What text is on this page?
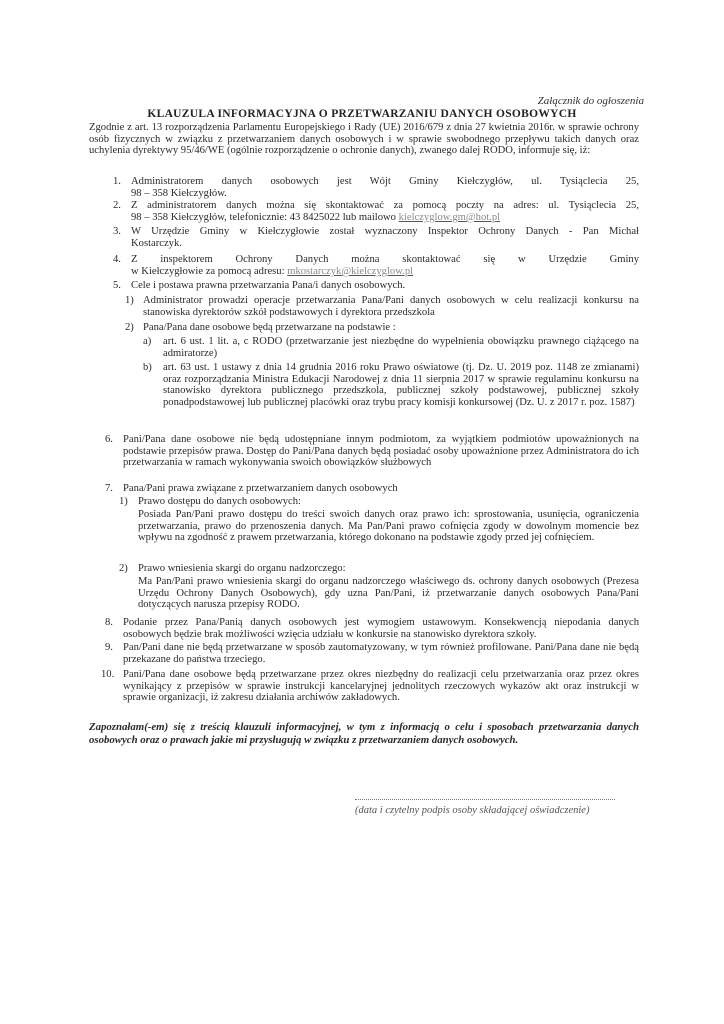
Załącznik do ogłoszenia
KLAUZULA INFORMACYJNA O PRZETWARZANIU DANYCH OSOBOWYCH
Zgodnie z art. 13 rozporządzenia Parlamentu Europejskiego i Rady (UE) 2016/679 z dnia 27 kwietnia 2016r. w sprawie ochrony osób fizycznych w związku z przetwarzaniem danych osobowych i w sprawie swobodnego przepływu takich danych oraz uchylenia dyrektywy 95/46/WE (ogólnie rozporządzenie o ochronie danych), zwanego dalej RODO, informuje się, iż:
1. Administratorem danych osobowych jest Wójt Gminy Kiełczygłów, ul. Tysiąclecia 25,
98 – 358 Kiełczygłów.
2. Z administratorem danych można się skontaktować za pomocą poczty na adres: ul. Tysiąclecia 25,
98 – 358 Kiełczygłów, telefonicznie: 43 8425022 lub mailowo kielczyglow.gm@hot.pl
3. W Urzędzie Gminy w Kiełczygłowie został wyznaczony Inspektor Ochrony Danych - Pan Michał
Kostarczyk.
4. Z inspektorem Ochrony Danych można skontaktować się w Urzędzie Gminy
w Kiełczygłowie za pomocą adresu: mkostarczyk@kielczyglow.pl
5. Cele i postawa prawna przetwarzania Pana/i danych osobowych.
1) Administrator prowadzi operacje przetwarzania Pana/Pani danych osobowych w celu realizacji konkursu na stanowiska dyrektorów szkół podstawowych i dyrektora przedszkola
2) Pana/Pana dane osobowe będą przetwarzane na podstawie :
a) art. 6 ust. 1 lit. a, c RODO (przetwarzanie jest niezbędne do wypełnienia obowiązku prawnego ciążącego na admiratorze)
b) art. 63 ust. 1 ustawy z dnia 14 grudnia 2016 roku Prawo oświatowe (tj. Dz. U. 2019 poz. 1148 ze zmianami) oraz rozporządzania Ministra Edukacji Narodowej z dnia 11 sierpnia 2017 w sprawie regulaminu konkursu na stanowisko dyrektora publicznego przedszkola, publicznej szkoły podstawowej, publicznej szkoły ponadpodstawowej lub publicznej placówki oraz trybu pracy komisji konkursowej (Dz. U. z 2017 r. poz. 1587)
6. Pani/Pana dane osobowe nie będą udostępniane innym podmiotom, za wyjątkiem podmiotów upoważnionych na podstawie przepisów prawa. Dostęp do Pani/Pana danych będą posiadać osoby upoważnione przez Administratora do ich przetwarzania w ramach wykonywania swoich obowiązków służbowych
7. Pana/Pani prawa związane z przetwarzaniem danych osobowych
1) Prawo dostępu do danych osobowych:
Posiada Pan/Pani prawo dostępu do treści swoich danych oraz prawo ich: sprostowania, usunięcia, ograniczenia przetwarzania, prawo do przenoszenia danych. Ma Pan/Pani prawo cofnięcia zgody w dowolnym momencie bez wpływu na zgodność z prawem przetwarzania, którego dokonano na podstawie zgody przed jej cofnięciem.
2) Prawo wniesienia skargi do organu nadzorczego:
Ma Pan/Pani prawo wniesienia skargi do organu nadzorczego właściwego ds. ochrony danych osobowych (Prezesa Urzędu Ochrony Danych Osobowych), gdy uzna Pan/Pani, iż przetwarzanie danych osobowych Pana/Pani dotyczących narusza przepisy RODO.
8. Podanie przez Pana/Panią danych osobowych jest wymogiem ustawowym. Konsekwencją niepodania danych osobowych będzie brak możliwości wzięcia udziału w konkursie na stanowisko dyrektora szkoły.
9. Pan/Pani dane nie będą przetwarzane w sposób zautomatyzowany, w tym również profilowane. Pani/Pana dane nie będą przekazane do państwa trzeciego.
10. Pani/Pana dane osobowe będą przetwarzane przez okres niezbędny do realizacji celu przetwarzania oraz przez okres wynikający z przepisów w sprawie instrukcji kancelaryjnej jednolitych rzeczowych wykazów akt oraz instrukcji w sprawie organizacji, iż zakresu działania archiwów zakładowych.
Zapoznałam(-em) się z treścią klauzuli informacyjnej, w tym z informacją o celu i sposobach przetwarzania danych osobowych oraz o prawach jakie mi przysługują w związku z przetwarzaniem danych osobowych.
(data i czytelny podpis osoby składającej oświadczenie)
